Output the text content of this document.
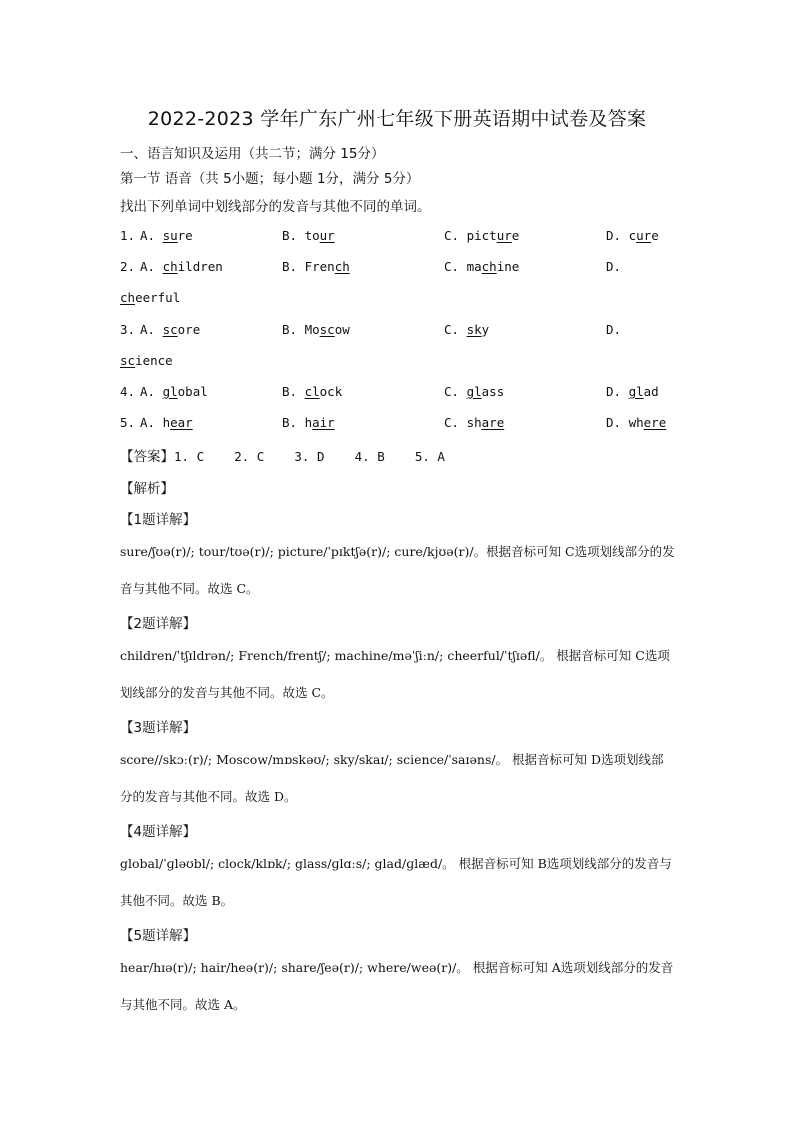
2022-2023 学年广东广州七年级下册英语期中试卷及答案
一、语言知识及运用（共二节；满分 15分）
第一节 语音（共 5小题；每小题 1分，满分 5分）
找出下列单词中划线部分的发音与其他不同的单词。
1. A. sure	B. tour	C. picture	D. cure
2. A. children	B. French	C. machine	D.
cheerful
3. A. score	B. Moscow	C. sky	D.
science
4. A. global	B. clock	C. glass	D. glad
5. A. hear	B. hair	C. share	D. where
【答案】1. C    2. C    3. D    4. B    5. A
【解析】
【1题详解】
sure/ʃʊə(r)/; tour/tʊə(r)/; picture/ˈpɪktʃə(r)/; cure/kjʊə(r)/。根据音标可知 C选项划线部分的发音与其他不同。故选 C。
【2题详解】
children/ˈtʃɪldrən/; French/frentʃ/; machine/məˈʃiːn/; cheerful/ˈtʃɪəfl/。 根据音标可知 C选项划线部分的发音与其他不同。故选 C。
【3题详解】
score//skɔː(r)/; Moscow/mɒskəʊ/; sky/skaɪ/; science/ˈsaɪəns/。 根据音标可知 D选项划线部分的发音与其他不同。故选 D。
【4题详解】
global/ˈɡləʊbl/; clock/klɒk/; glass/ɡlɑːs/; glad/ɡlæd/。 根据音标可知 B选项划线部分的发音与其他不同。故选 B。
【5题详解】
hear/hɪə(r)/; hair/heə(r)/; share/ʃeə(r)/; where/weə(r)/。 根据音标可知 A选项划线部分的发音与其他不同。故选 A。
